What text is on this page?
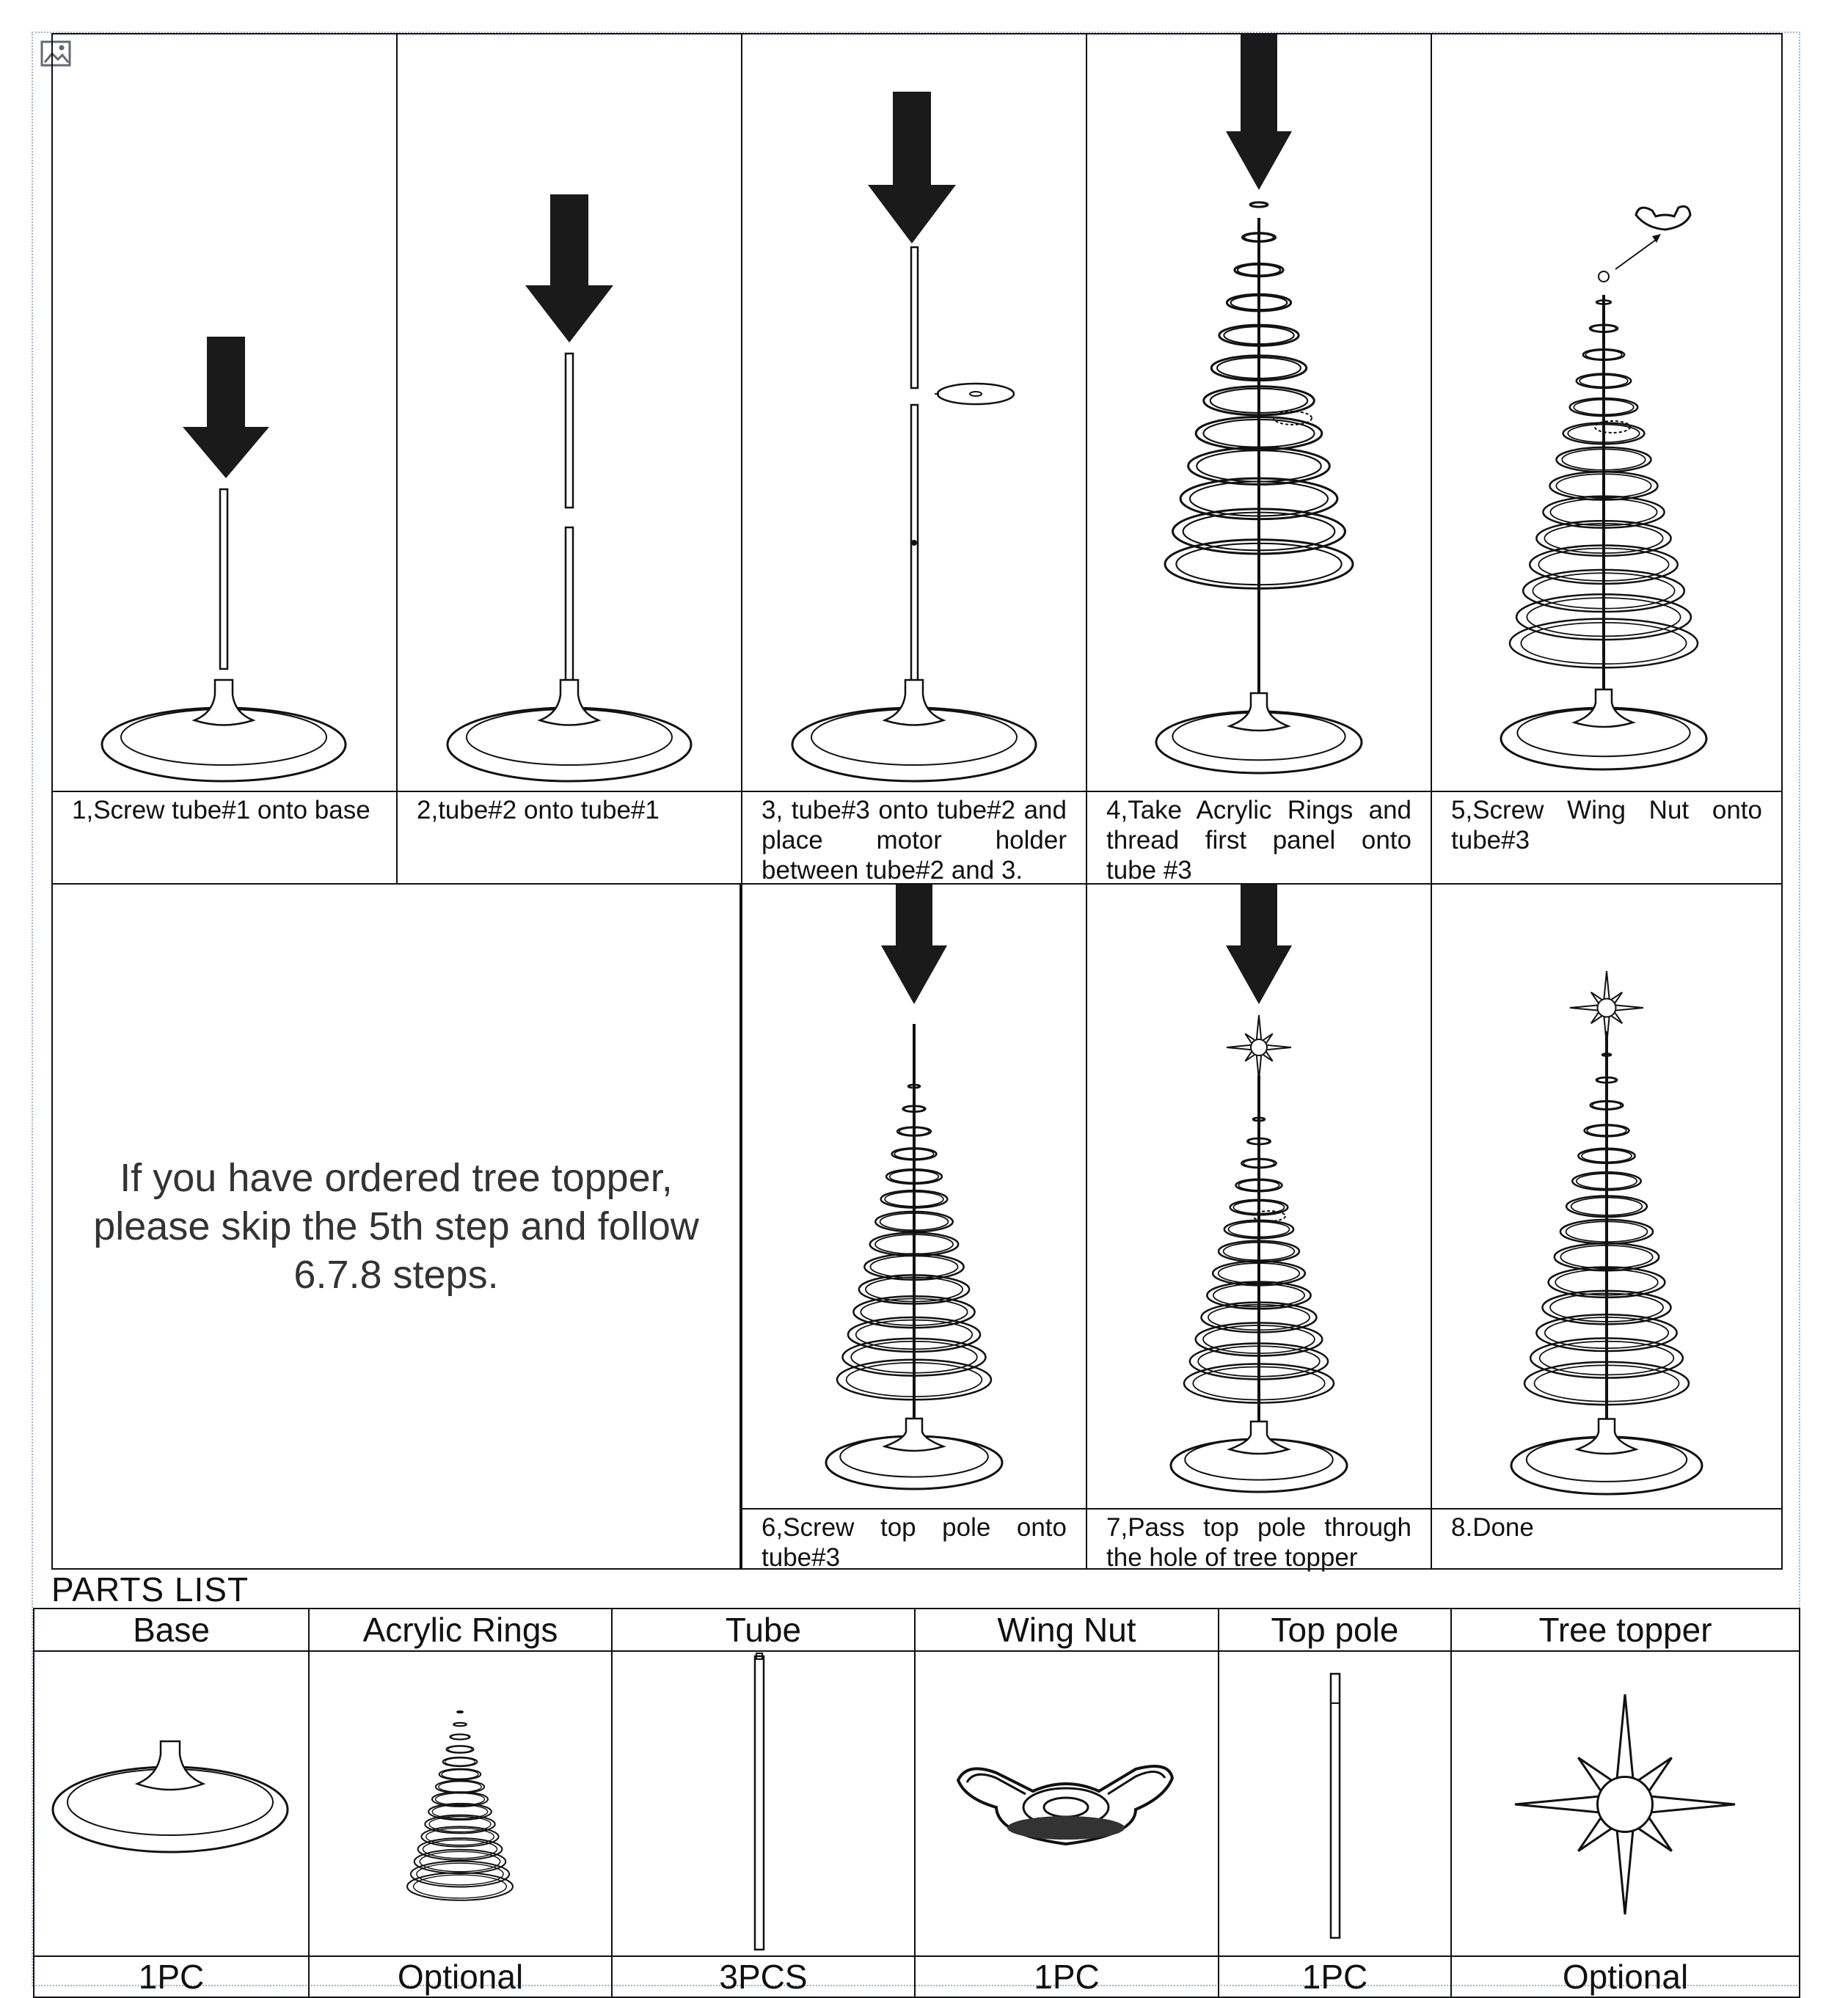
1,Screw tube#1 onto base	2,tube#2 onto tube#1	3, tube#3 onto tube#2 and place motor holder between tube#2 and 3.
4,Take Acrylic Rings and thread first panel onto tube #3
5,Screw Wing Nut onto tube#3
If you have ordered tree topper, please skip the 5th step and follow 6.7.8 steps.
6,Screw top pole onto tube#3
7,Pass top pole through the hole of tree topper
8.Done
PARTS LIST
Base	Acrylic Rings	Tube	Wing Nut	Top pole	Tree topper
1PC	Optional	3PCS	1PC	1PC	Optional
